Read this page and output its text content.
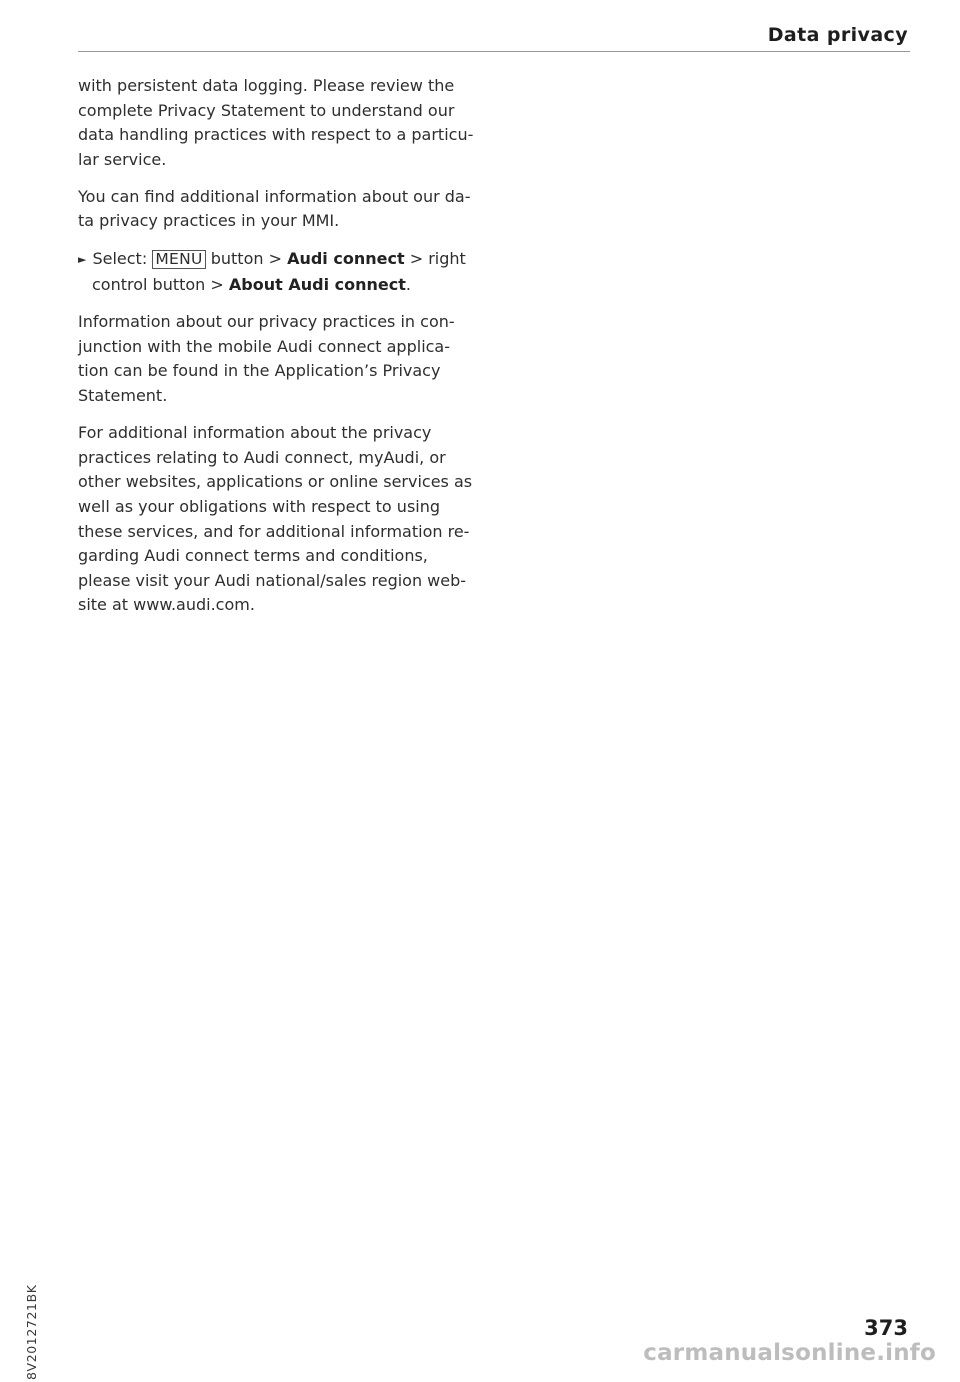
Data privacy

with persistent data logging. Please review the
complete Privacy Statement to understand our
data handling practices with respect to a particu-
lar service.

You can find additional information about our da-
ta privacy practices in your MMI.

► Select: MENU button > Audi connect > right
control button > About Audi connect.

Information about our privacy practices in con-
junction with the mobile Audi connect applica-
tion can be found in the Application’s Privacy
Statement.

For additional information about the privacy
practices relating to Audi connect, myAudi, or
other websites, applications or online services as
well as your obligations with respect to using
these services, and for additional information re-
garding Audi connect terms and conditions,
please visit your Audi national/sales region web-
site at www.audi.com.

8V2012721BK	373
carmanualsonline.info
